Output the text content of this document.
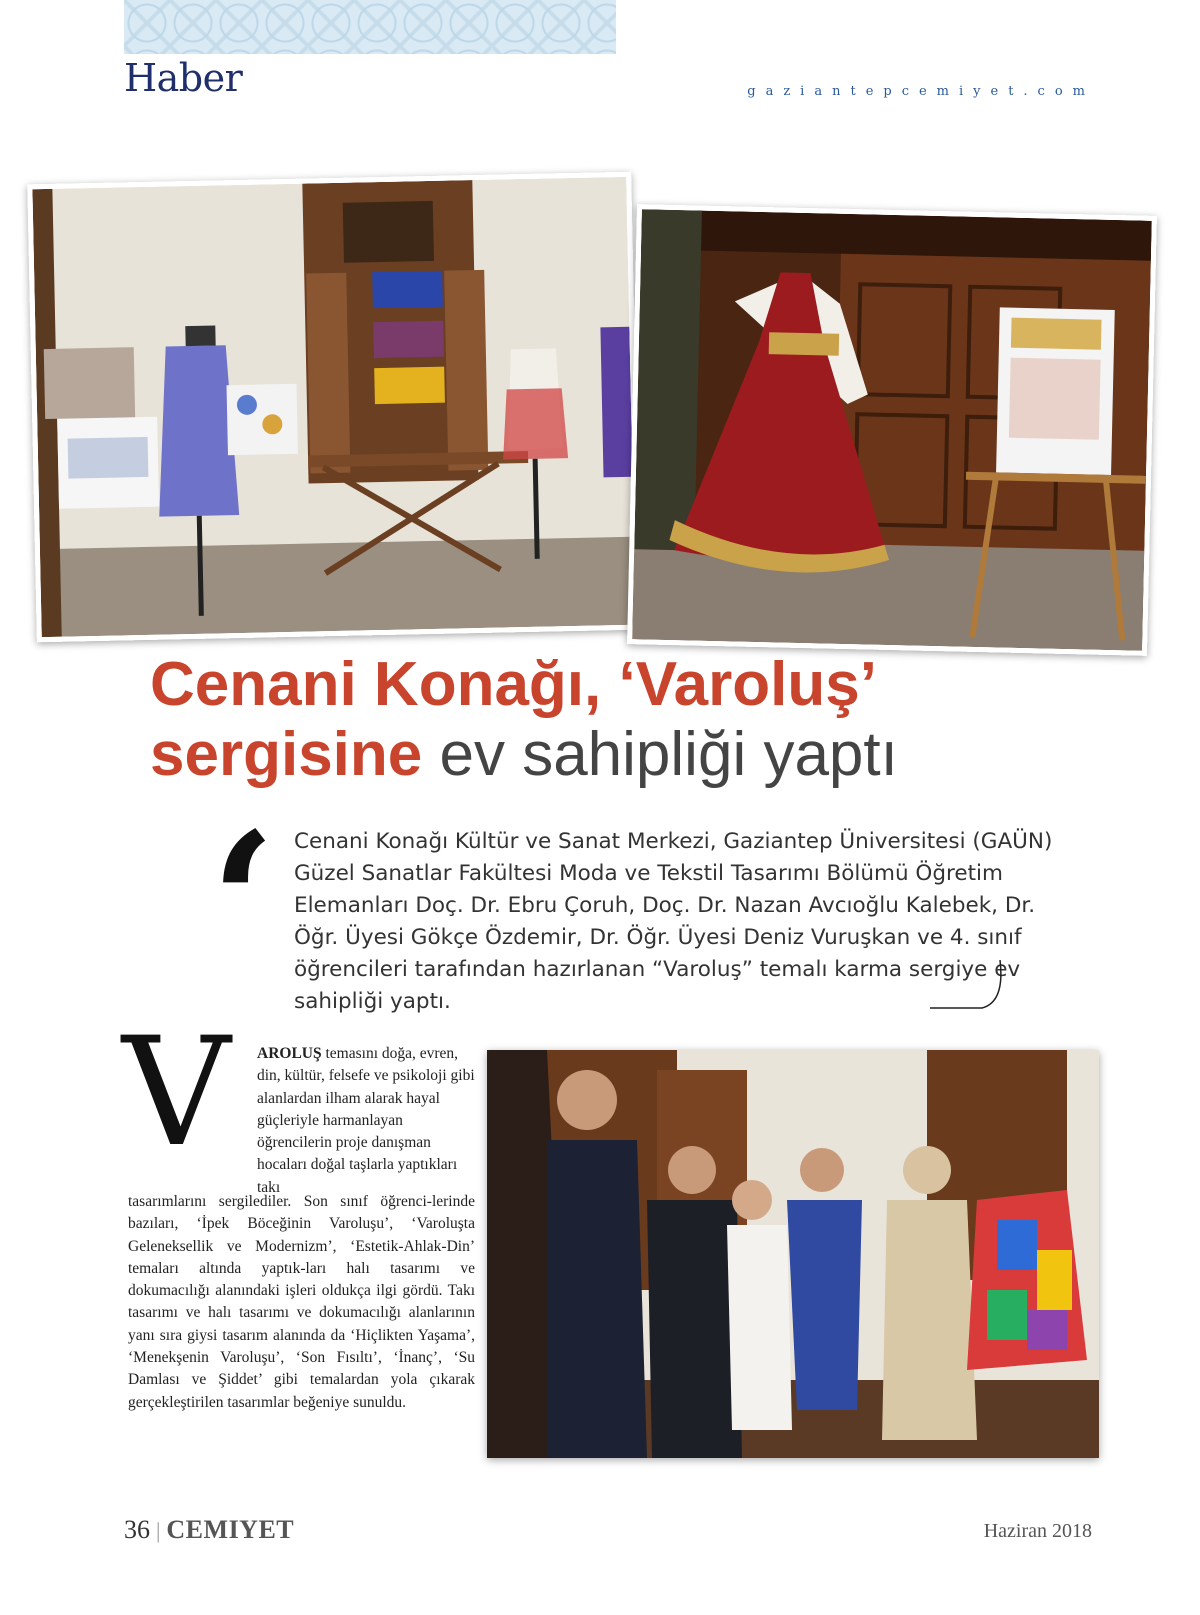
Haber	gaziantepcemiyet.com
Cenani Konağı, ‘Varoluş’
sergisine ev sahipliği yaptı
‘ Cenani Konağı Kültür ve Sanat Merkezi, Gaziantep Üniversitesi (GAÜN) Güzel Sanatlar Fakültesi Moda ve Tekstil Tasarımı Bölümü Öğretim Elemanları Doç. Dr. Ebru Çoruh, Doç. Dr. Nazan Avcıoğlu Kalebek, Dr. Öğr. Üyesi Gökçe Özdemir, Dr. Öğr. Üyesi Deniz Vuruşkan ve 4. sınıf öğrencileri tarafından hazırlanan “Varoluş” temalı karma sergiye ev sahipliği yaptı.

V AROLUŞ temasını doğa, evren, din, kültür, felsefe ve psikoloji gibi alanlardan ilham alarak hayal güçleriyle harmanlayan öğrencilerin proje danışman hocaları doğal taşlarla yaptıkları takı

tasarımlarını sergilediler. Son sınıf öğrenci-lerinde bazıları, ‘İpek Böceğinin Varoluşu’, ‘Varoluşta Geleneksellik ve Modernizm’, ‘Estetik-Ahlak-Din’ temaları altında yaptık-ları halı tasarımı ve dokumacılığı alanındaki işleri oldukça ilgi gördü. Takı tasarımı ve halı tasarımı ve dokumacılığı alanlarının yanı sıra giysi tasarım alanında da ‘Hiçlikten Yaşama’, ‘Menekşenin Varoluşu’, ‘Son Fısıltı’, ‘İnanç’, ‘Su Damlası ve Şiddet’ gibi temalardan yola çıkarak gerçekleştirilen tasarımlar beğeniye sunuldu.

36 | CEMIYET	Haziran 2018
